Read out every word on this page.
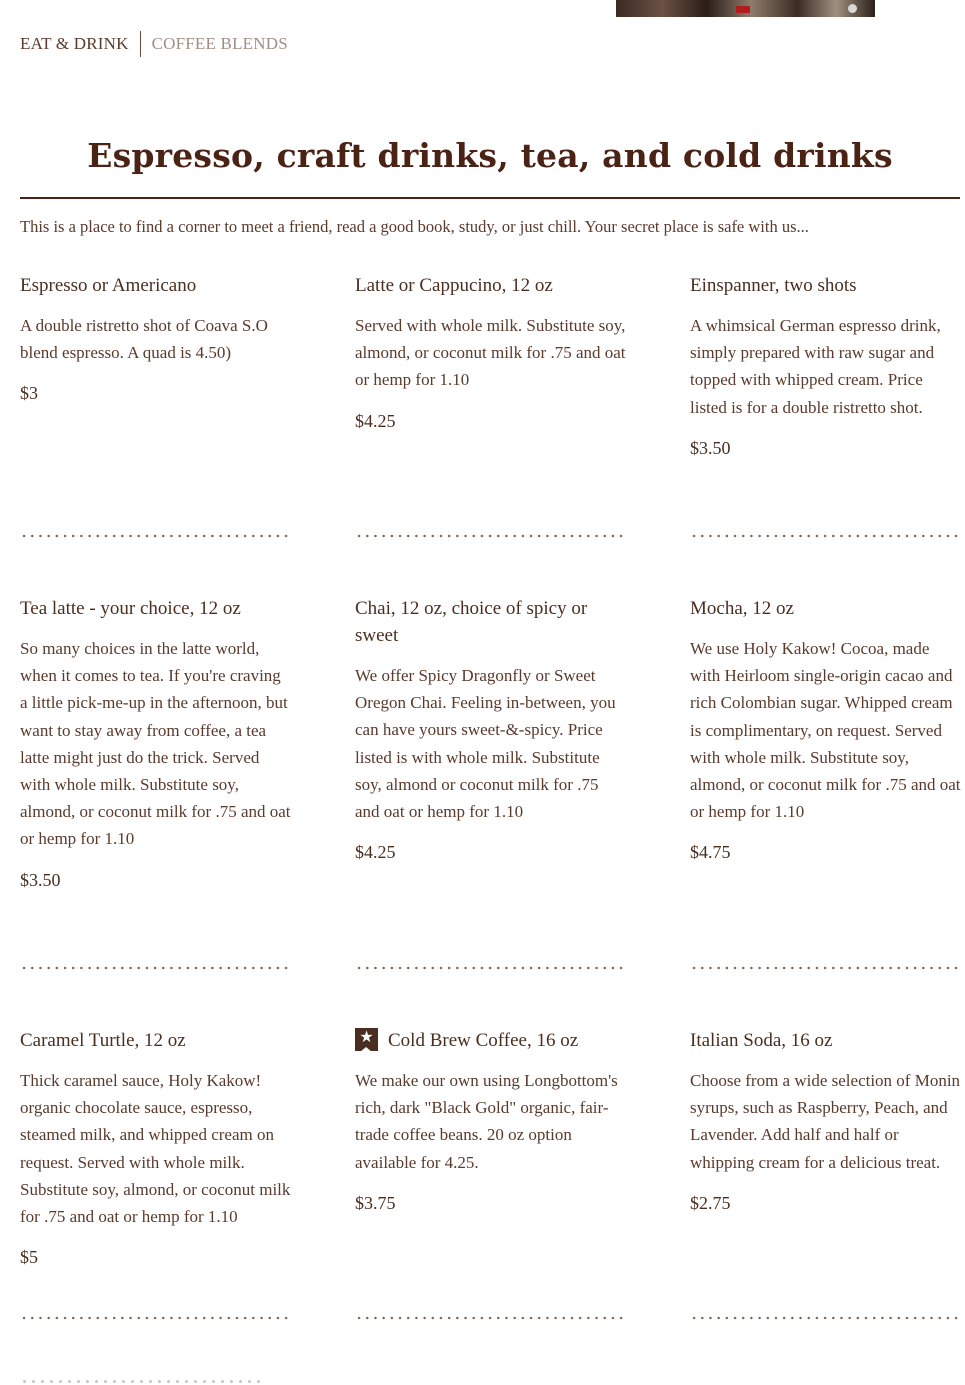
EAT & DRINK COFFEE BLENDS
Espresso, craft drinks, tea, and cold drinks
This is a place to find a corner to meet a friend, read a good book, study, or just chill. Your secret place is safe with us...
Espresso or Americano
A double ristretto shot of Coava S.O blend espresso. A quad is 4.50)
$3
Latte or Cappucino, 12 oz
Served with whole milk. Substitute soy, almond, or coconut milk for .75 and oat or hemp for 1.10
$4.25
Einspanner, two shots
A whimsical German espresso drink, simply prepared with raw sugar and topped with whipped cream. Price listed is for a double ristretto shot.
$3.50
Tea latte - your choice, 12 oz
So many choices in the latte world, when it comes to tea. If you're craving a little pick-me-up in the afternoon, but want to stay away from coffee, a tea latte might just do the trick. Served with whole milk. Substitute soy, almond, or coconut milk for .75 and oat or hemp for 1.10
$3.50
Chai, 12 oz, choice of spicy or sweet
We offer Spicy Dragonfly or Sweet Oregon Chai. Feeling in-between, you can have yours sweet-&-spicy. Price listed is with whole milk. Substitute soy, almond or coconut milk for .75 and oat or hemp for 1.10
$4.25
Mocha, 12 oz
We use Holy Kakow! Cocoa, made with Heirloom single-origin cacao and rich Colombian sugar. Whipped cream is complimentary, on request. Served with whole milk. Substitute soy, almond, or coconut milk for .75 and oat or hemp for 1.10
$4.75
Caramel Turtle, 12 oz
Thick caramel sauce, Holy Kakow! organic chocolate sauce, espresso, steamed milk, and whipped cream on request. Served with whole milk. Substitute soy, almond, or coconut milk for .75 and oat or hemp for 1.10
$5
★ Cold Brew Coffee, 16 oz
We make our own using Longbottom's rich, dark "Black Gold" organic, fair-trade coffee beans. 20 oz option available for 4.25.
$3.75
Italian Soda, 16 oz
Choose from a wide selection of Monin syrups, such as Raspberry, Peach, and Lavender. Add half and half or whipping cream for a delicious treat.
$2.75
